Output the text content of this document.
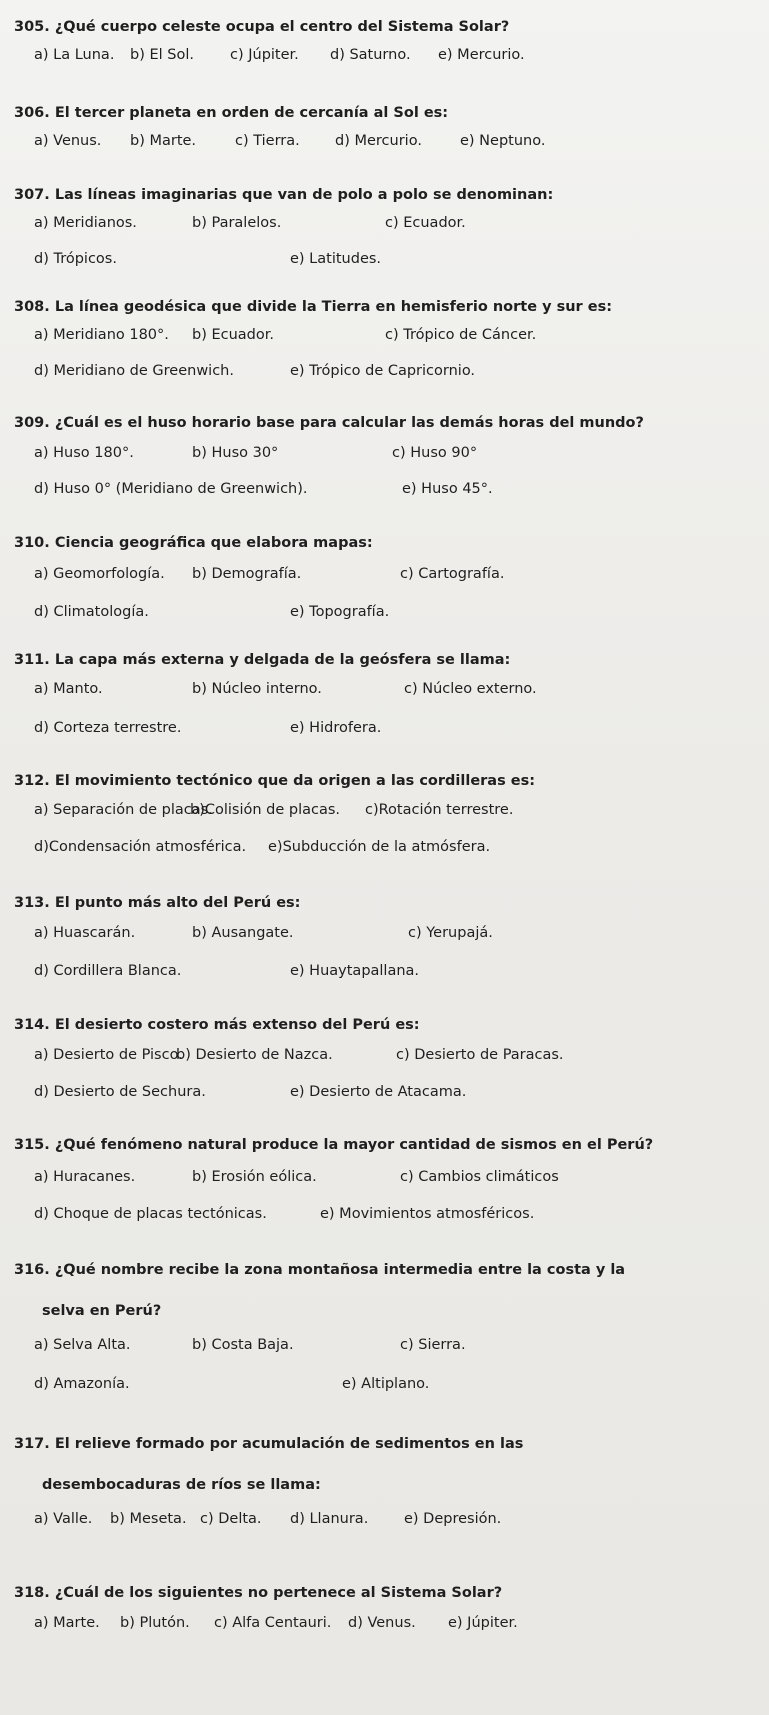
305. ¿Qué cuerpo celeste ocupa el centro del Sistema Solar?
a) La Luna. b) El Sol. c) Júpiter. d) Saturno. e) Mercurio.
306. El tercer planeta en orden de cercanía al Sol es:
a) Venus. b) Marte.	c) Tierra. d) Mercurio.	e) Neptuno.
307. Las líneas imaginarias que van de polo a polo se denominan:
a) Meridianos.	b) Paralelos.	c) Ecuador.
d) Trópicos.	e) Latitudes.
308. La línea geodésica que divide la Tierra en hemisferio norte y sur es:
a) Meridiano 180°. b) Ecuador.	c) Trópico de Cáncer.
d) Meridiano de Greenwich.	e) Trópico de Capricornio.
309. ¿Cuál es el huso horario base para calcular las demás horas del mundo?
a) Huso 180°.	b) Huso 30°	c) Huso 90°
d) Huso 0° (Meridiano de Greenwich).	e) Huso 45°.
310. Ciencia geográfica que elabora mapas:
a) Geomorfología. b) Demografía.	c) Cartografía.
d) Climatología.	e) Topografía.
311. La capa más externa y delgada de la geósfera se llama:
a) Manto.	b) Núcleo interno.	c) Núcleo externo.
d) Corteza terrestre.	e) Hidrofera.
312. El movimiento tectónico que da origen a las cordilleras es:
a) Separación de placas.
b)Colisión de placas. c)Rotación terrestre.
d)Condensación atmosférica. e)Subducción de la atmósfera.
313. El punto más alto del Perú es:
a) Huascarán.	b) Ausangate.	c) Yerupajá.
d) Cordillera Blanca.	e) Huaytapallana.
314. El desierto costero más extenso del Perú es:
a) Desierto de Pisco.
b) Desierto de Nazca.	c) Desierto de Paracas.
d) Desierto de Sechura.	e) Desierto de Atacama.
315. ¿Qué fenómeno natural produce la mayor cantidad de sismos en el Perú?
a) Huracanes.	b) Erosión eólica.	c) Cambios climáticos
d) Choque de placas tectónicas.	e) Movimientos atmosféricos.
316. ¿Qué nombre recibe la zona montañosa intermedia entre la costa y la
selva en Perú?
a) Selva Alta.	b) Costa Baja.	c) Sierra.
d) Amazonía.	e) Altiplano.
317. El relieve formado por acumulación de sedimentos en las
desembocaduras de ríos se llama:
a) Valle. b) Meseta. c) Delta. d) Llanura. e) Depresión.
318. ¿Cuál de los siguientes no pertenece al Sistema Solar?
a) Marte. b) Plutón. c) Alfa Centauri. d) Venus. e) Júpiter.
